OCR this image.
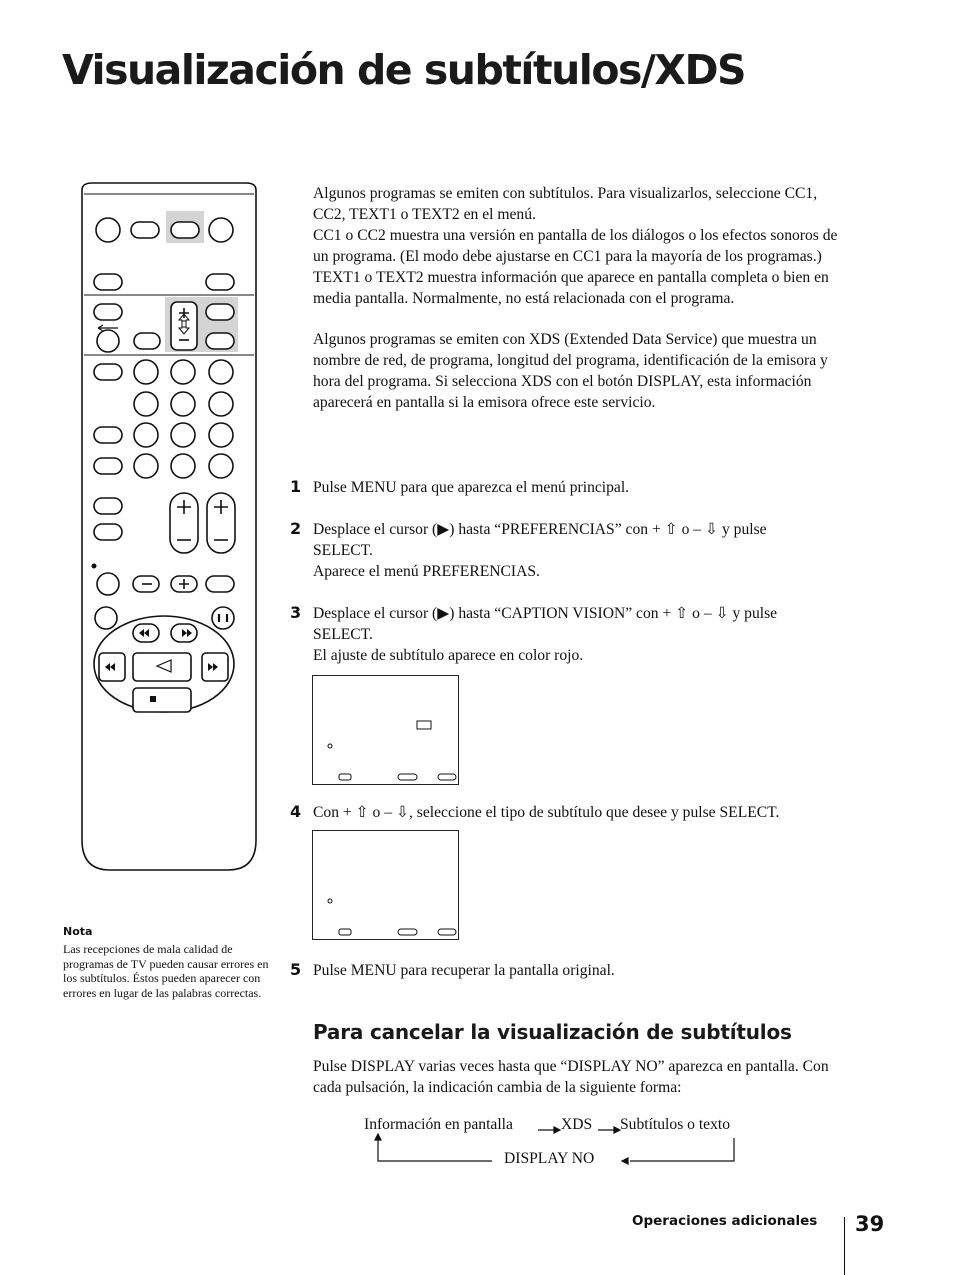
Visualización de subtítulos/XDS

Algunos programas se emiten con subtítulos. Para visualizarlos, seleccione CC1, CC2, TEXT1 o TEXT2 en el menú.

CC1 o CC2 muestra una versión en pantalla de los diálogos o los efectos sonoros de un programa. (El modo debe ajustarse en CC1 para la mayoría de los programas.) TEXT1 o TEXT2 muestra información que aparece en pantalla completa o bien en media pantalla. Normalmente, no está relacionada con el programa.

Algunos programas se emiten con XDS (Extended Data Service) que muestra un nombre de red, de programa, longitud del programa, identificación de la emisora y hora del programa. Si selecciona XDS con el botón DISPLAY, esta información aparecerá en pantalla si la emisora ofrece este servicio.

1 Pulse MENU para que aparezca el menú principal.

2 Desplace el cursor (▶) hasta “PREFERENCIAS” con + ⇧ o – ⇩ y pulse SELECT.

Aparece el menú PREFERENCIAS.

3 Desplace el cursor (▶) hasta “CAPTION VISION” con + ⇧ o – ⇩ y pulse SELECT.

El ajuste de subtítulo aparece en color rojo.

4 Con + ⇧ o – ⇩, seleccione el tipo de subtítulo que desee y pulse SELECT.

5 Pulse MENU para recuperar la pantalla original.

Nota
Las recepciones de mala calidad de programas de TV pueden causar errores en los subtítulos. Éstos pueden aparecer con errores en lugar de las palabras correctas.
Para cancelar la visualización de subtítulos
Pulse DISPLAY varias veces hasta que “DISPLAY NO” aparezca en pantalla. Con cada pulsación, la indicación cambia de la siguiente forma:
Información en pantalla	XDS Subtítulos o texto
DISPLAY NO
Operaciones adicionales 39
